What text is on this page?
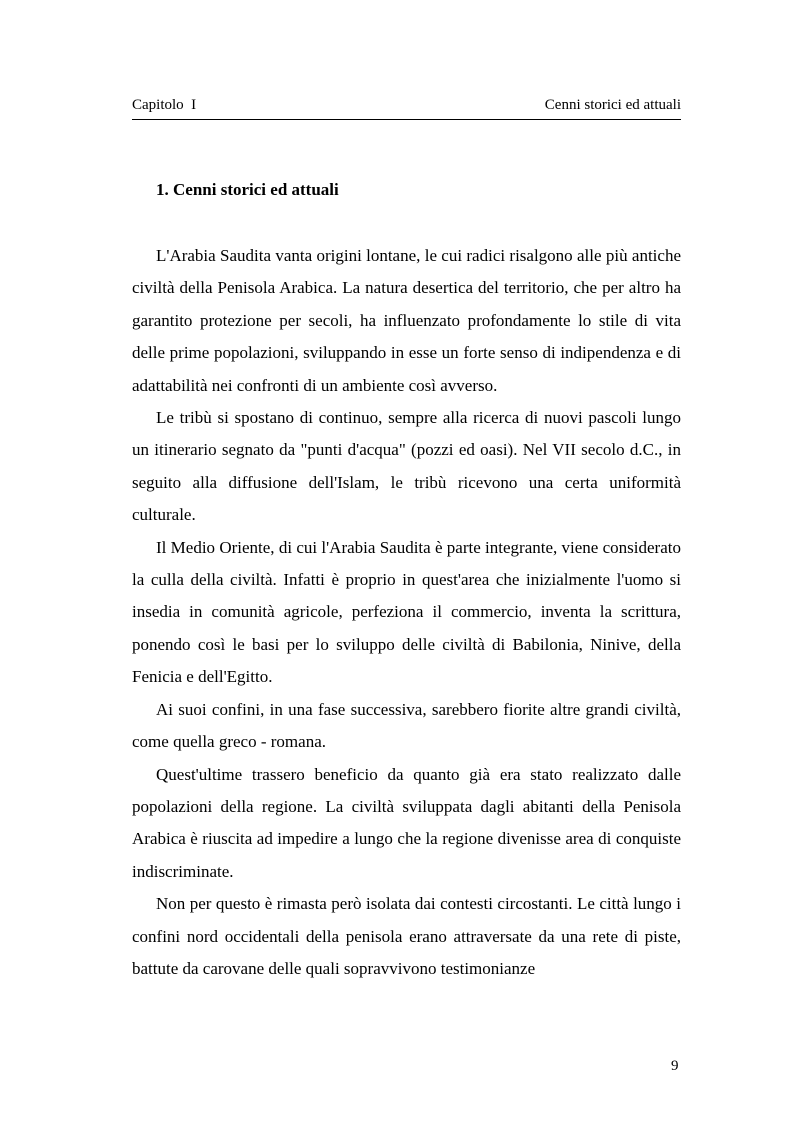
Capitolo  I	Cenni storici ed attuali
1. Cenni storici ed attuali

L'Arabia Saudita vanta origini lontane, le cui radici risalgono alle più antiche civiltà della Penisola Arabica. La natura desertica del territorio, che per altro ha garantito protezione per secoli, ha influenzato profondamente lo stile di vita delle prime popolazioni, sviluppando in esse un forte senso di indipendenza e di adattabilità nei confronti di un ambiente così avverso.

Le tribù si spostano di continuo, sempre alla ricerca di nuovi pascoli lungo un itinerario segnato da "punti d'acqua" (pozzi ed oasi). Nel VII secolo d.C., in seguito alla diffusione dell'Islam, le tribù ricevono una certa uniformità culturale.

Il Medio Oriente, di cui l'Arabia Saudita è parte integrante, viene considerato la culla della civiltà. Infatti è proprio in quest'area che inizialmente l'uomo si insedia in comunità agricole, perfeziona il commercio, inventa la scrittura, ponendo così le basi per lo sviluppo delle civiltà di Babilonia, Ninive, della Fenicia e dell'Egitto.

Ai suoi confini, in una fase successiva, sarebbero fiorite altre grandi civiltà, come quella greco - romana.

Quest'ultime trassero beneficio da quanto già era stato realizzato dalle popolazioni della regione. La civiltà sviluppata dagli abitanti della Penisola Arabica è riuscita ad impedire a lungo che la regione divenisse area di conquiste indiscriminate.

Non per questo è rimasta però isolata dai contesti circostanti. Le città lungo i confini nord occidentali della penisola erano attraversate da una rete di piste, battute da carovane delle quali sopravvivono testimonianze

9
